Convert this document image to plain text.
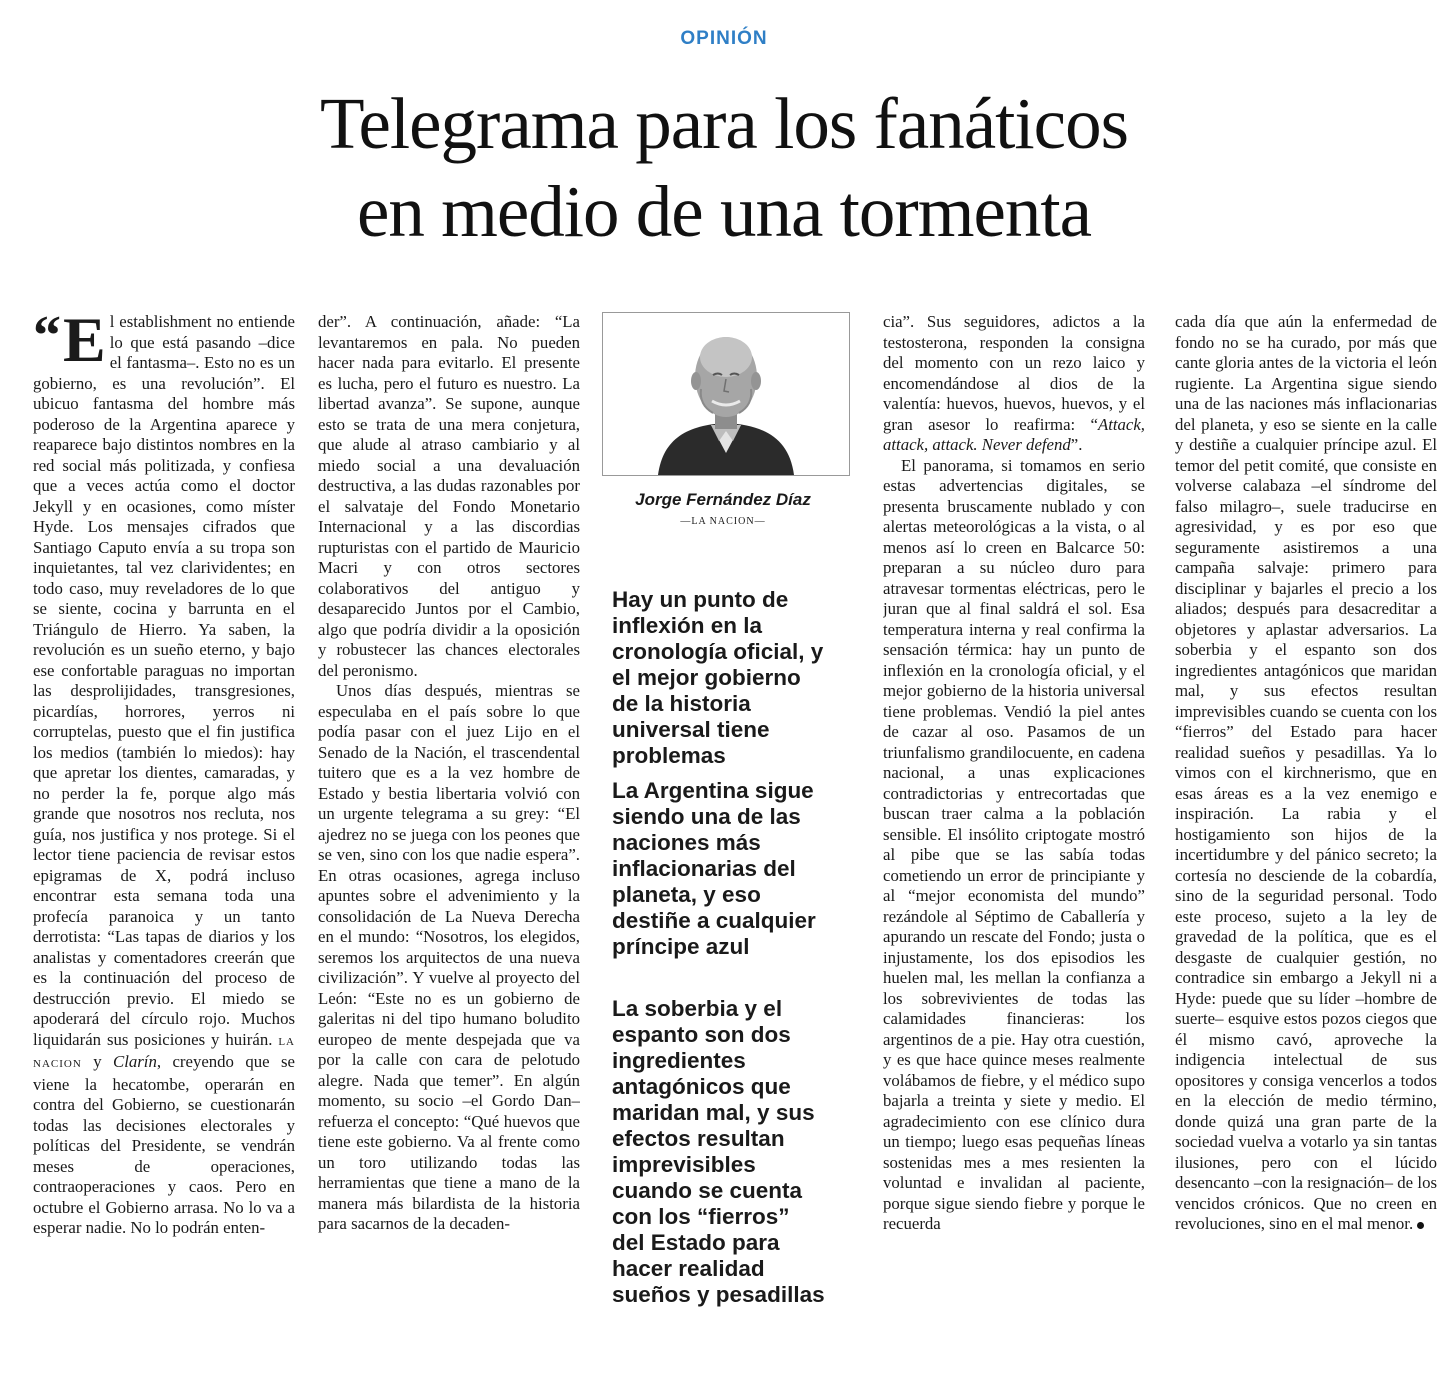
OPINIÓN
Telegrama para los fanáticos
en medio de una tormenta

“ E l establishment no entiende lo que está pasando –dice el fantasma–. Esto no es un gobierno, es una revolución”. El ubicuo fantasma del hombre más poderoso de la Argentina aparece y reaparece bajo distintos nombres en la red social más politizada, y confiesa que a veces actúa como el doctor Jekyll y en ocasiones, como míster Hyde. Los mensajes cifrados que Santiago Caputo envía a su tropa son inquietantes, tal vez clarividentes; en todo caso, muy reveladores de lo que se siente, cocina y barrunta en el Triángulo de Hierro. Ya saben, la revolución es un sueño eterno, y bajo ese confortable paraguas no importan las desprolijidades, transgresiones, picardías, horrores, yerros ni corruptelas, puesto que el fin justifica los medios (también lo miedos): hay que apretar los dientes, camaradas, y no perder la fe, porque algo más grande que nosotros nos recluta, nos guía, nos justifica y nos protege. Si el lector tiene paciencia de revisar estos epigramas de X, podrá incluso encontrar esta semana toda una profecía paranoica y un tanto derrotista: “Las tapas de diarios y los analistas y comentadores creerán que es la continuación del proceso de destrucción previo. El miedo se apoderará del círculo rojo. Muchos liquidarán sus posiciones y huirán. LA NACION y Clarín, creyendo que se viene la hecatombe, operarán en contra del Gobierno, se cuestionarán todas las decisiones electorales y políticas del Presidente, se vendrán meses de operaciones, contraoperaciones y caos. Pero en octubre el Gobierno arrasa. No lo va a esperar nadie. No lo podrán enten-

der”. A continuación, añade: “La levantaremos en pala. No pueden hacer nada para evitarlo. El presente es lucha, pero el futuro es nuestro. La libertad avanza”. Se supone, aunque esto se trata de una mera conjetura, que alude al atraso cambiario y al miedo social a una devaluación destructiva, a las dudas razonables por el salvataje del Fondo Monetario Internacional y a las discordias rupturistas con el partido de Mauricio Macri y con otros sectores colaborativos del antiguo y desaparecido Juntos por el Cambio, algo que podría dividir a la oposición y robustecer las chances electorales del peronismo.

Unos días después, mientras se especulaba en el país sobre lo que podía pasar con el juez Lijo en el Senado de la Nación, el trascendental tuitero que es a la vez hombre de Estado y bestia libertaria volvió con un urgente telegrama a su grey: “El ajedrez no se juega con los peones que se ven, sino con los que nadie espera”. En otras ocasiones, agrega incluso apuntes sobre el advenimiento y la consolidación de La Nueva Derecha en el mundo: “Nosotros, los elegidos, seremos los arquitectos de una nueva civilización”. Y vuelve al proyecto del León: “Este no es un gobierno de galeritas ni del tipo humano boludito europeo de mente despejada que va por la calle con cara de pelotudo alegre. Nada que temer”. En algún momento, su socio –el Gordo Dan– refuerza el concepto: “Qué huevos que tiene este gobierno. Va al frente como un toro utilizando todas las herramientas que tiene a mano de la manera más bilardista de la historia para sacarnos de la decaden-

Jorge Fernández Díaz
—LA NACION—

Hay un punto de inflexión en la cronología oficial, y el mejor gobierno de la historia universal tiene problemas

La Argentina sigue siendo una de las naciones más inflacionarias del planeta, y eso destiñe a cualquier príncipe azul

La soberbia y el espanto son dos ingredientes antagónicos que maridan mal, y sus efectos resultan imprevisibles cuando se cuenta con los “fierros” del Estado para hacer realidad sueños y pesadillas

cia”. Sus seguidores, adictos a la testosterona, responden la consigna del momento con un rezo laico y encomendándose al dios de la valentía: huevos, huevos, huevos, y el gran asesor lo reafirma: “Attack, attack, attack. Never defend”.

El panorama, si tomamos en serio estas advertencias digitales, se presenta bruscamente nublado y con alertas meteorológicas a la vista, o al menos así lo creen en Balcarce 50: preparan a su núcleo duro para atravesar tormentas eléctricas, pero le juran que al final saldrá el sol. Esa temperatura interna y real confirma la sensación térmica: hay un punto de inflexión en la cronología oficial, y el mejor gobierno de la historia universal tiene problemas. Vendió la piel antes de cazar al oso. Pasamos de un triunfalismo grandilocuente, en cadena nacional, a unas explicaciones contradictorias y entrecortadas que buscan traer calma a la población sensible. El insólito criptogate mostró al pibe que se las sabía todas cometiendo un error de principiante y al “mejor economista del mundo” rezándole al Séptimo de Caballería y apurando un rescate del Fondo; justa o injustamente, los dos episodios les huelen mal, les mellan la confianza a los sobrevivientes de todas las calamidades financieras: los argentinos de a pie. Hay otra cuestión, y es que hace quince meses realmente volábamos de fiebre, y el médico supo bajarla a treinta y siete y medio. El agradecimiento con ese clínico dura un tiempo; luego esas pequeñas líneas sostenidas mes a mes resienten la voluntad e invalidan al paciente, porque sigue siendo fiebre y porque le recuerda

cada día que aún la enfermedad de fondo no se ha curado, por más que cante gloria antes de la victoria el león rugiente. La Argentina sigue siendo una de las naciones más inflacionarias del planeta, y eso se siente en la calle y destiñe a cualquier príncipe azul. El temor del petit comité, que consiste en volverse calabaza –el síndrome del falso milagro–, suele traducirse en agresividad, y es por eso que seguramente asistiremos a una campaña salvaje: primero para disciplinar y bajarles el precio a los aliados; después para desacreditar a objetores y aplastar adversarios. La soberbia y el espanto son dos ingredientes antagónicos que maridan mal, y sus efectos resultan imprevisibles cuando se cuenta con los “fierros” del Estado para hacer realidad sueños y pesadillas. Ya lo vimos con el kirchnerismo, que en esas áreas es a la vez enemigo e inspiración. La rabia y el hostigamiento son hijos de la incertidumbre y del pánico secreto; la cortesía no desciende de la cobardía, sino de la seguridad personal. Todo este proceso, sujeto a la ley de gravedad de la política, que es el desgaste de cualquier gestión, no contradice sin embargo a Jekyll ni a Hyde: puede que su líder –hombre de suerte– esquive estos pozos ciegos que él mismo cavó, aproveche la indigencia intelectual de sus opositores y consiga vencerlos a todos en la elección de medio término, donde quizá una gran parte de la sociedad vuelva a votarlo ya sin tantas ilusiones, pero con el lúcido desencanto –con la resignación– de los vencidos crónicos. Que no creen en revoluciones, sino en el mal menor.
